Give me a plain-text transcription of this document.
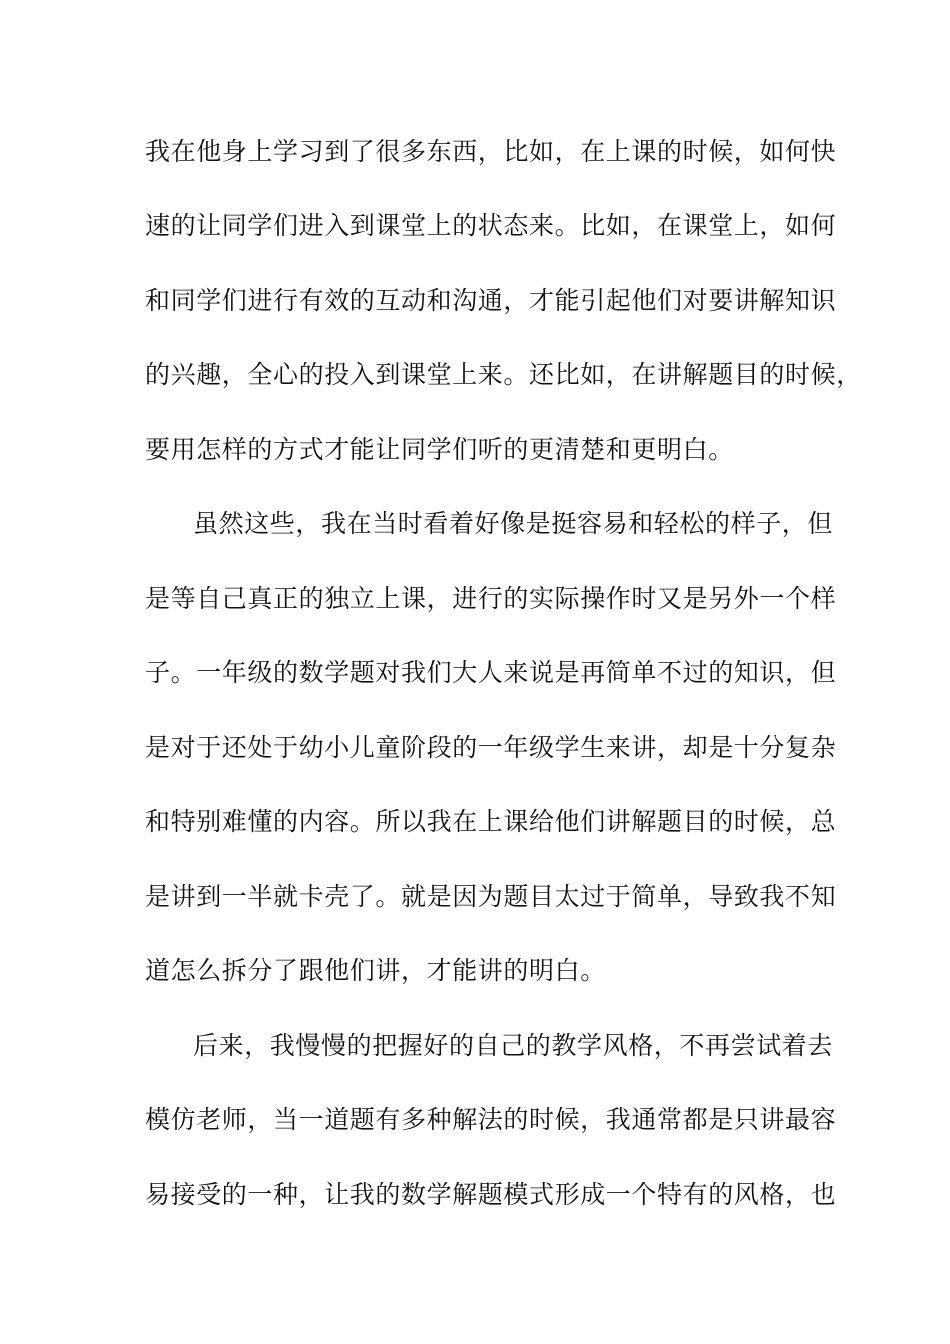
我在他身上学习到了很多东西，比如，在上课的时候，如何快
速的让同学们进入到课堂上的状态来。比如，在课堂上，如何
和同学们进行有效的互动和沟通，才能引起他们对要讲解知识
的兴趣，全心的投入到课堂上来。还比如，在讲解题目的时候，
要用怎样的方式才能让同学们听的更清楚和更明白。
虽然这些，我在当时看着好像是挺容易和轻松的样子，但
是等自己真正的独立上课，进行的实际操作时又是另外一个样
子。一年级的数学题对我们大人来说是再简单不过的知识，但
是对于还处于幼小儿童阶段的一年级学生来讲，却是十分复杂
和特别难懂的内容。所以我在上课给他们讲解题目的时候，总
是讲到一半就卡壳了。就是因为题目太过于简单，导致我不知
道怎么拆分了跟他们讲，才能讲的明白。
后来，我慢慢的把握好的自己的教学风格，不再尝试着去
模仿老师，当一道题有多种解法的时候，我通常都是只讲最容
易接受的一种，让我的数学解题模式形成一个特有的风格，也
